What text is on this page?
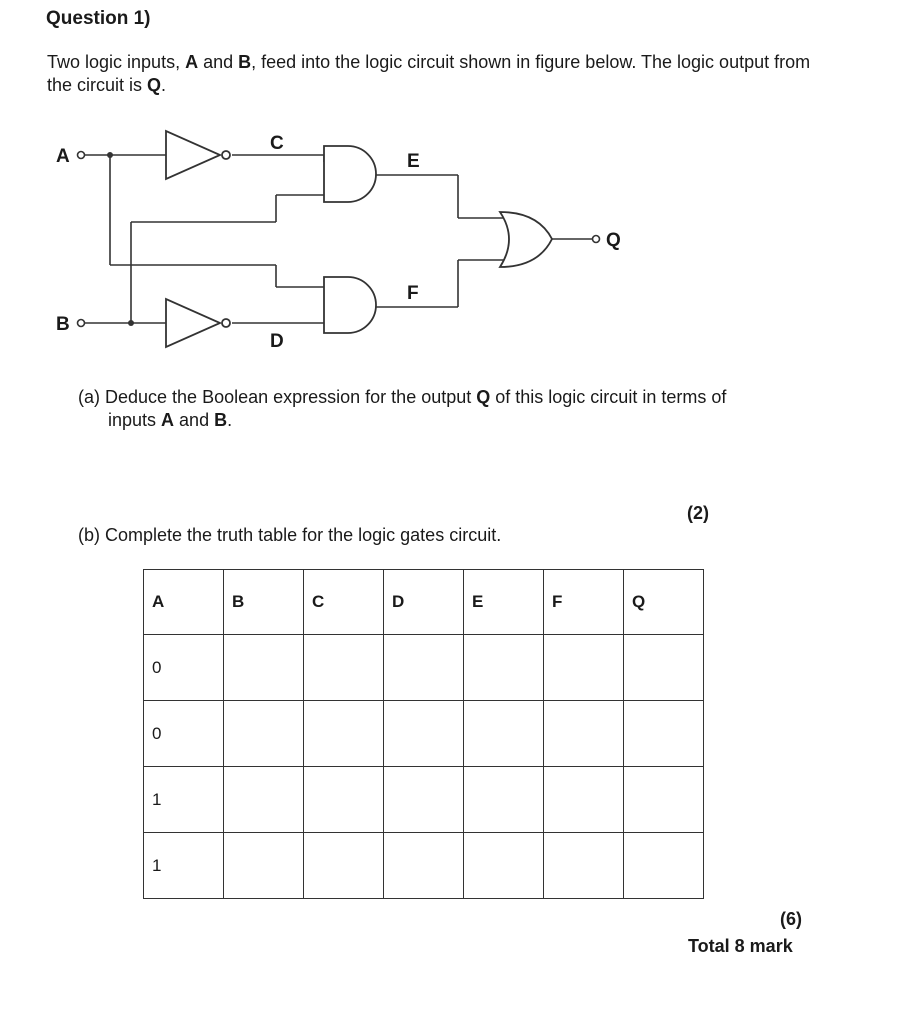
Question 1)
Two logic inputs, A and B, feed into the logic circuit shown in figure below. The logic output from the circuit is Q.
A
B
C
D
E
F
Q
(a) Deduce the Boolean expression for the output Q of this logic circuit in terms of
inputs A and B.
(2)
(b) Complete the truth table for the logic gates circuit.
A	B	C	D	E	F	Q
0						
0						
1						
1						
(6)
Total 8 mark
